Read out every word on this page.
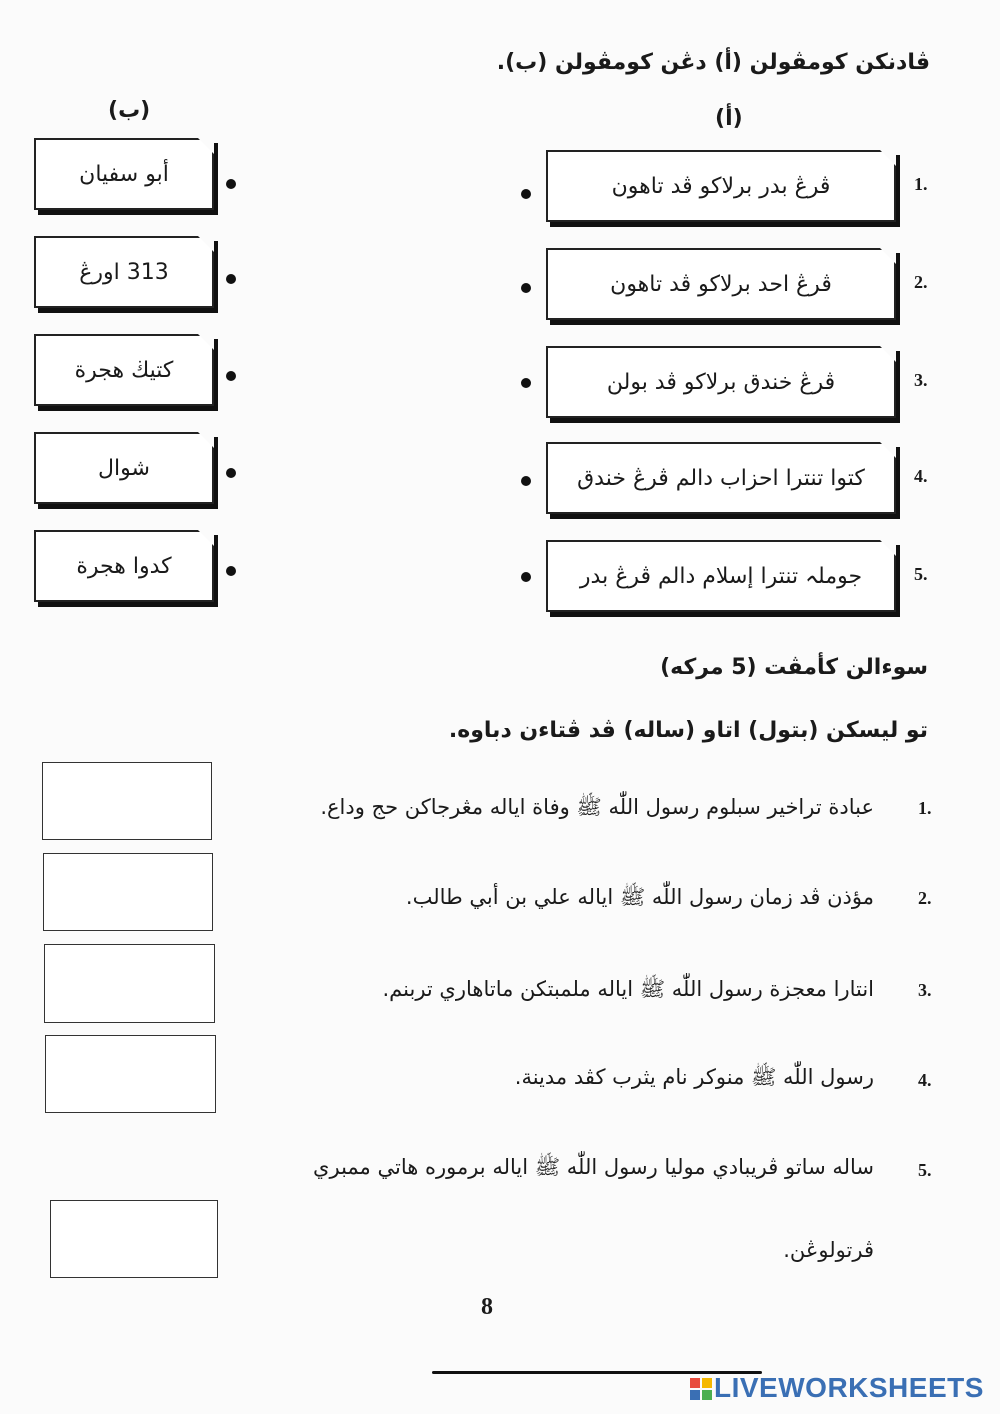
ڤادنكن كومڤولن (أ) دڠن كومڤولن (ب).
(أ)
(ب)
ڤرڠ بدر برلاكو ڤد تاهون
ڤرڠ احد برلاكو ڤد تاهون
ڤرڠ خندق برلاكو ڤد بولن
كتوا تنترا احزاب دالم ڤرڠ خندق
جوملہ تنترا إسلام دالم ڤرڠ بدر
1.
2.
3.
4.
5.
أبو سفيان
313 اورڠ
كتيڬ هجرة
شوال
كدوا هجرة
سوءالن كأمڤت (5 مركه)
تو ليسكن (بتول) اتاو (ساله) ڤد ڤتاءن دباوه.
1.
عبادة تراخير سبلوم رسول اللّٰه ﷺ وفاة اياله مڠرجاكن حج وداع.
2.
مؤذن ڤد زمان رسول اللّٰه ﷺ اياله علي بن أبي طالب.
3.
انتارا معجزة رسول اللّٰه ﷺ اياله ملمبتكن ماتاهاري تربنم.
4.
رسول اللّٰه ﷺ منوكر نام يثرب كڤد مدينة.
5.
ساله ساتو ڤريبادي موليا رسول اللّٰه ﷺ اياله برموره هاتي ممبري
ڤرتولوڠن.
8
LIVEWORKSHEETS
